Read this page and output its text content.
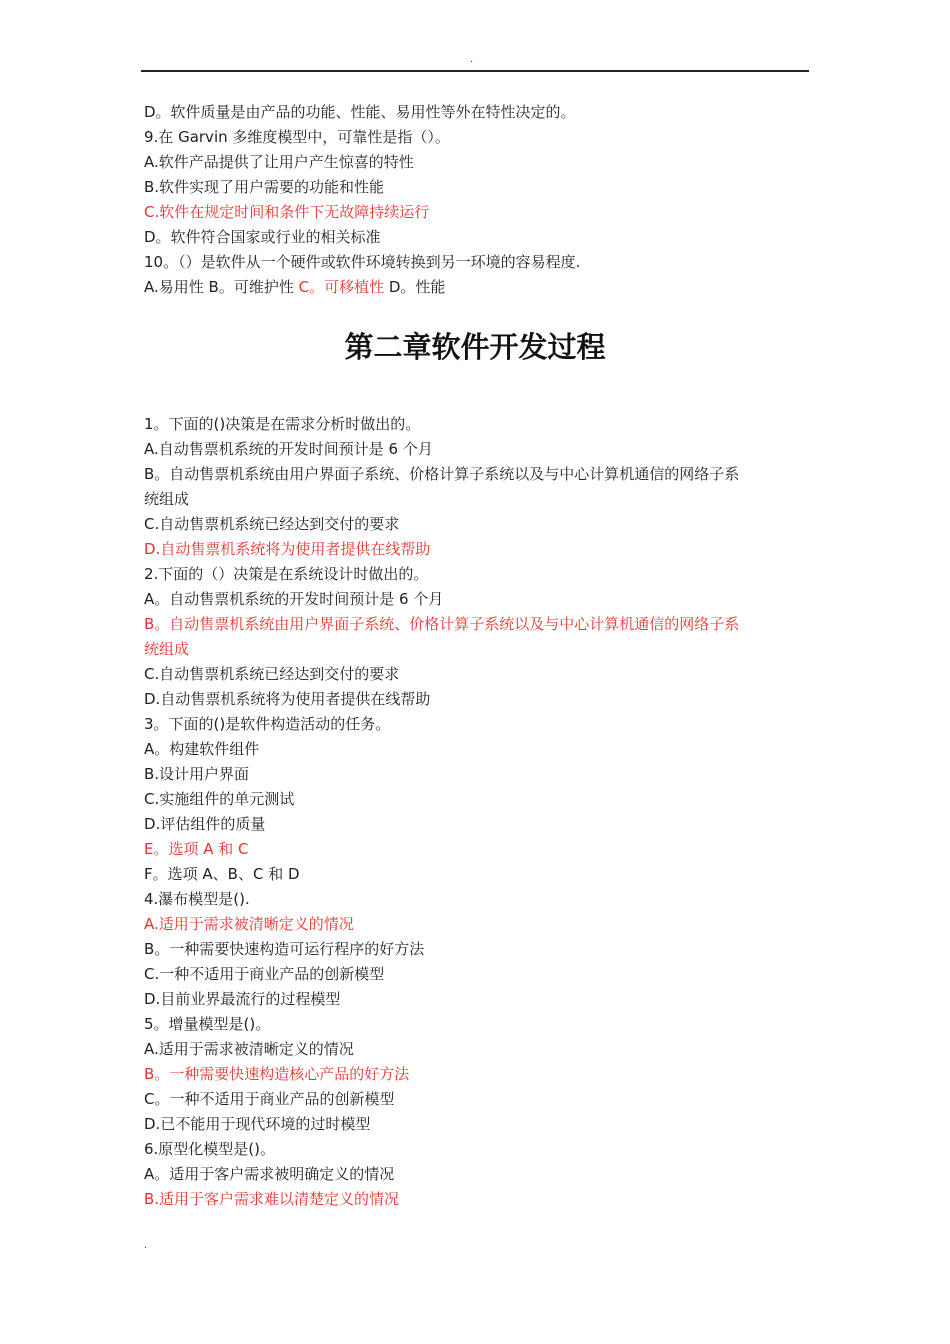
.
D。软件质量是由产品的功能、性能、易用性等外在特性决定的。
9.在 Garvin 多维度模型中，可靠性是指（）。
A.软件产品提供了让用户产生惊喜的特性
B.软件实现了用户需要的功能和性能
C.软件在规定时间和条件下无故障持续运行
D。软件符合国家或行业的相关标准
10。（）是软件从一个硬件或软件环境转换到另一环境的容易程度.
A.易用性 B。可维护性 C。可移植性 D。性能
第二章软件开发过程
1。下面的()决策是在需求分析时做出的。
A.自动售票机系统的开发时间预计是 6 个月
B。自动售票机系统由用户界面子系统、价格计算子系统以及与中心计算机通信的网络子系
统组成
C.自动售票机系统已经达到交付的要求
D.自动售票机系统将为使用者提供在线帮助
2.下面的（）决策是在系统设计时做出的。
A。自动售票机系统的开发时间预计是 6 个月
B。自动售票机系统由用户界面子系统、价格计算子系统以及与中心计算机通信的网络子系
统组成
C.自动售票机系统已经达到交付的要求
D.自动售票机系统将为使用者提供在线帮助
3。下面的()是软件构造活动的任务。
A。构建软件组件
B.设计用户界面
C.实施组件的单元测试
D.评估组件的质量
E。选项 A 和 C
F。选项 A、B、C 和 D
4.瀑布模型是().
A.适用于需求被清晰定义的情况
B。一种需要快速构造可运行程序的好方法
C.一种不适用于商业产品的创新模型
D.目前业界最流行的过程模型
5。增量模型是()。
A.适用于需求被清晰定义的情况
B。一种需要快速构造核心产品的好方法
C。一种不适用于商业产品的创新模型
D.已不能用于现代环境的过时模型
6.原型化模型是()。
A。适用于客户需求被明确定义的情况
B.适用于客户需求难以清楚定义的情况
.
